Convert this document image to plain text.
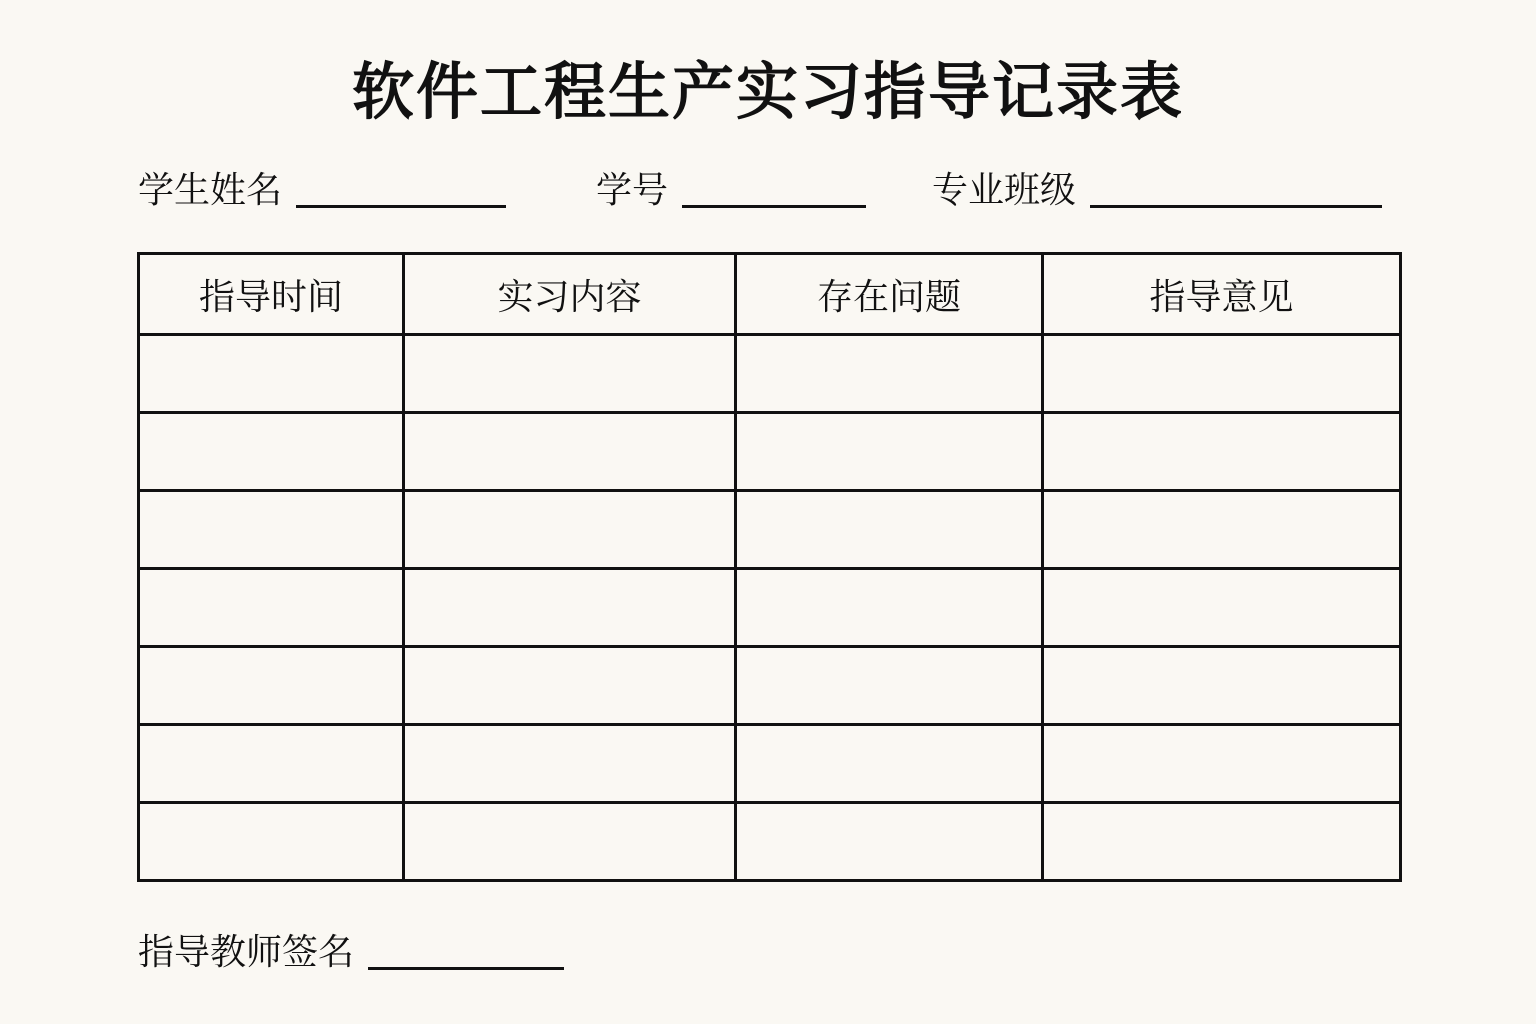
软件工程生产实习指导记录表
学生姓名	学号	专业班级
指导时间	实习内容	存在问题	指导意见

指导教师签名
